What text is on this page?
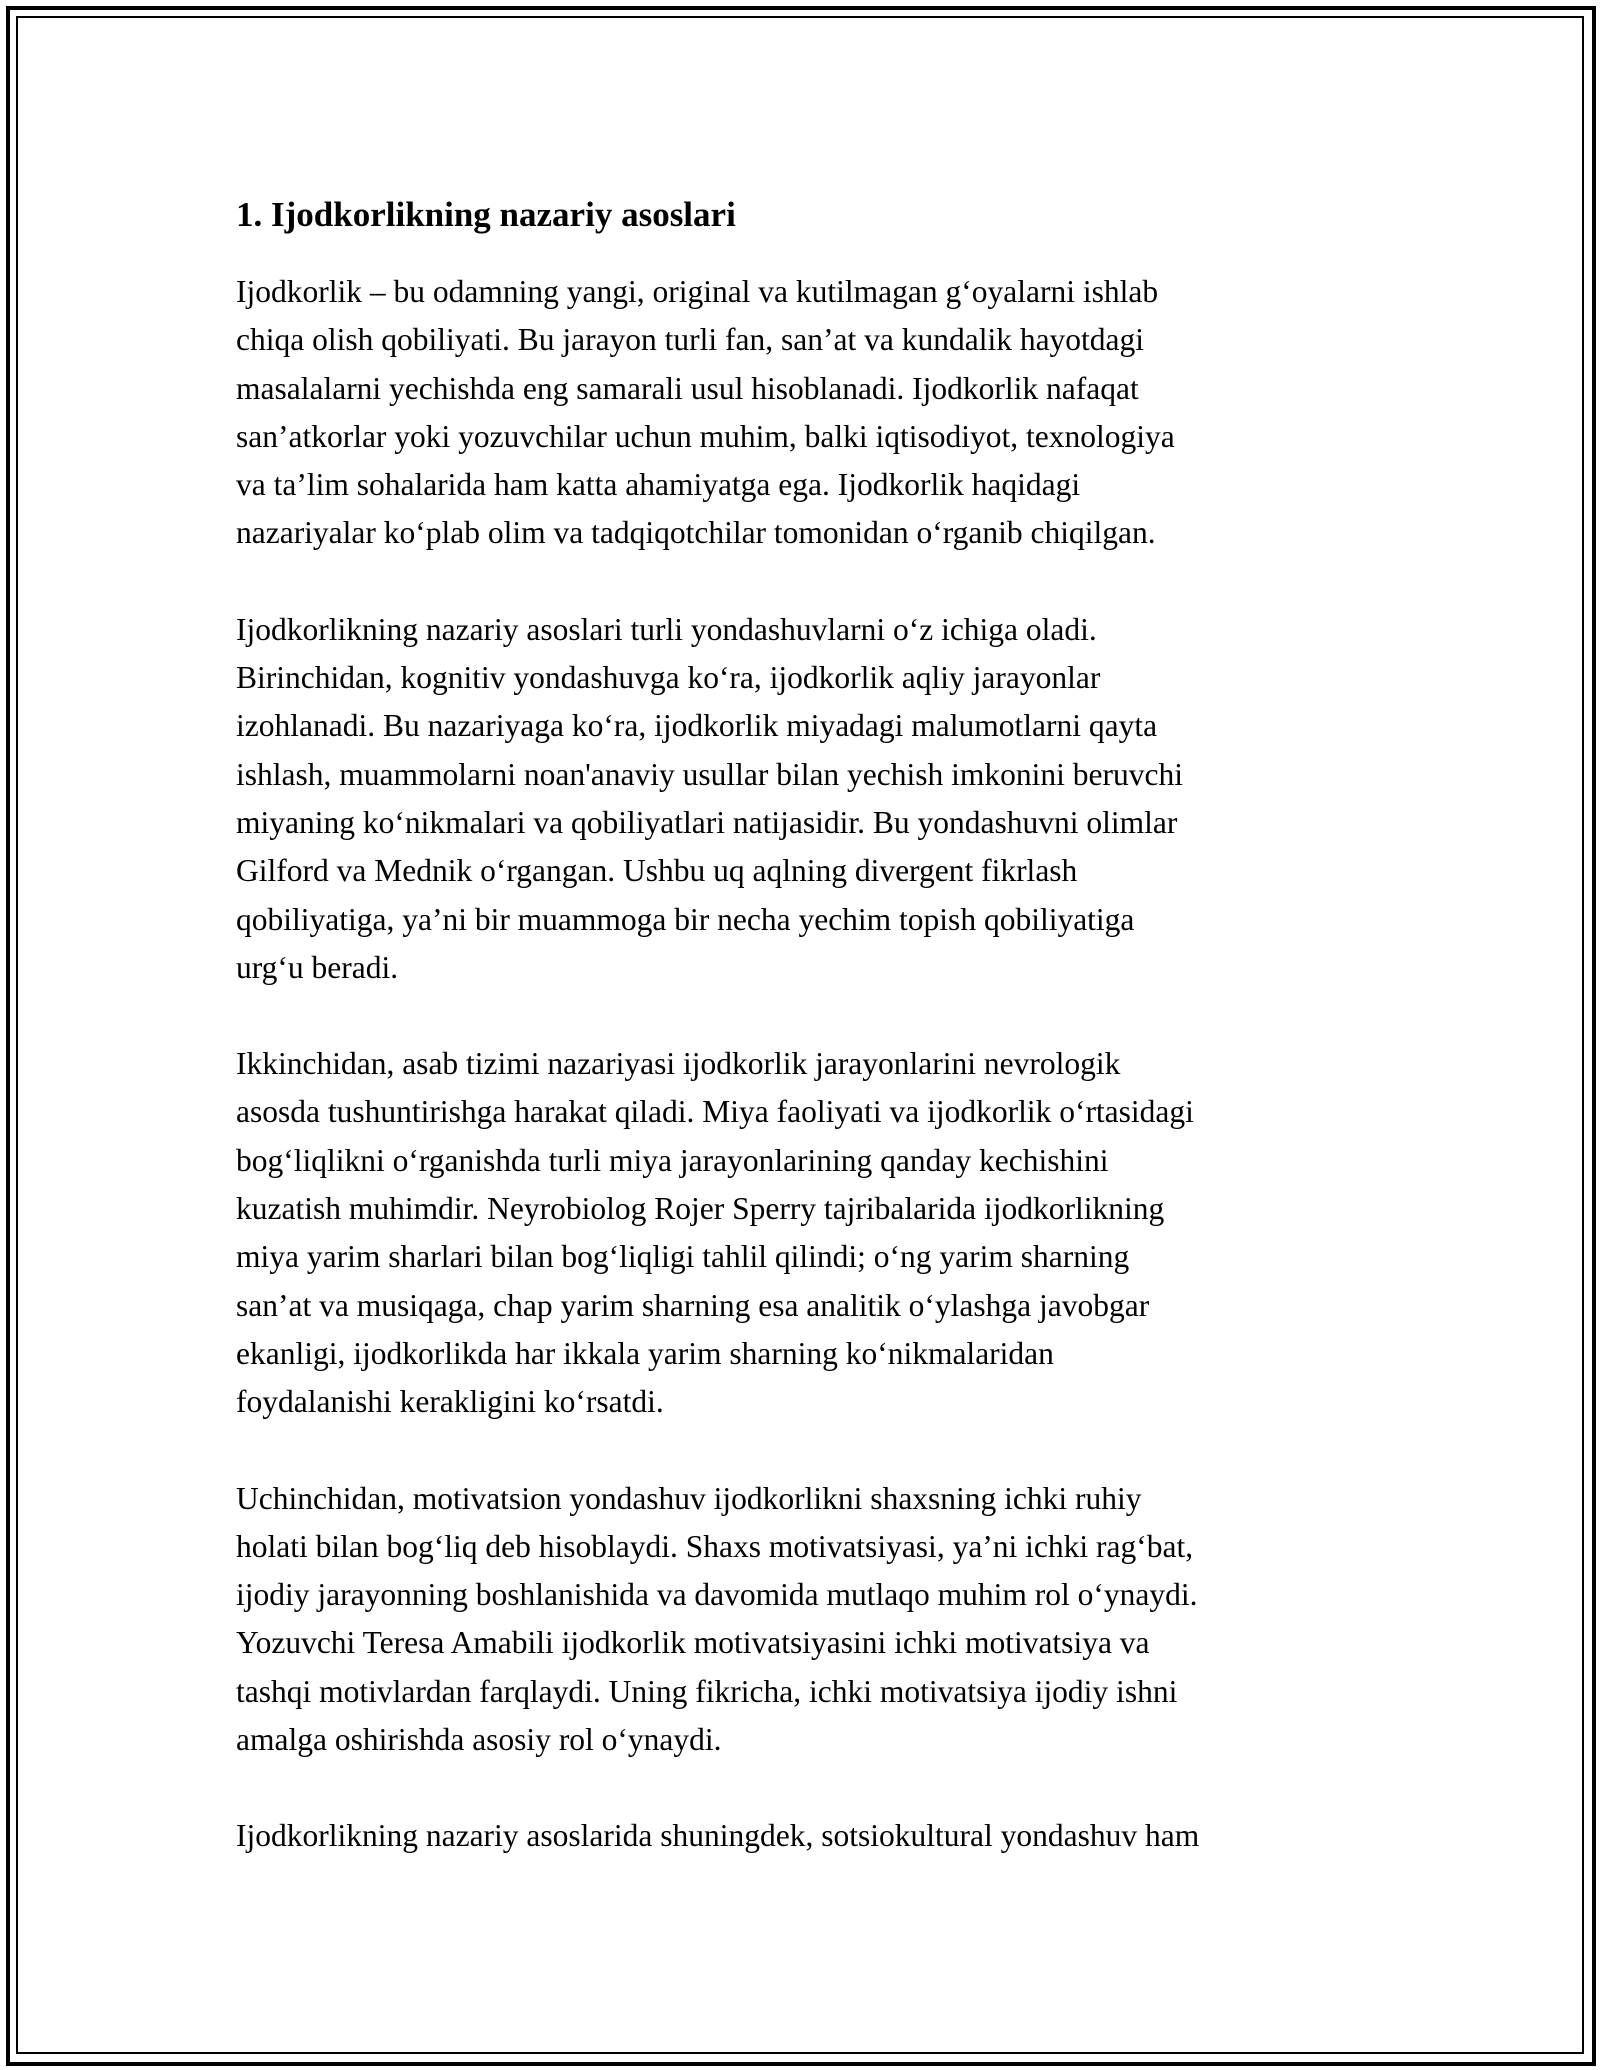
1. Ijodkorlikning nazariy asoslari

Ijodkorlik – bu odamning yangi, original va kutilmagan g‘oyalarni ishlab
chiqa olish qobiliyati. Bu jarayon turli fan, san’at va kundalik hayotdagi
masalalarni yechishda eng samarali usul hisoblanadi. Ijodkorlik nafaqat
san’atkorlar yoki yozuvchilar uchun muhim, balki iqtisodiyot, texnologiya
va ta’lim sohalarida ham katta ahamiyatga ega. Ijodkorlik haqidagi
nazariyalar ko‘plab olim va tadqiqotchilar tomonidan o‘rganib chiqilgan.

Ijodkorlikning nazariy asoslari turli yondashuvlarni o‘z ichiga oladi.
Birinchidan, kognitiv yondashuvga ko‘ra, ijodkorlik aqliy jarayonlar
izohlanadi. Bu nazariyaga ko‘ra, ijodkorlik miyadagi malumotlarni qayta
ishlash, muammolarni noan'anaviy usullar bilan yechish imkonini beruvchi
miyaning ko‘nikmalari va qobiliyatlari natijasidir. Bu yondashuvni olimlar
Gilford va Mednik o‘rgangan. Ushbu uq aqlning divergent fikrlash
qobiliyatiga, ya’ni bir muammoga bir necha yechim topish qobiliyatiga
urg‘u beradi.

Ikkinchidan, asab tizimi nazariyasi ijodkorlik jarayonlarini nevrologik
asosda tushuntirishga harakat qiladi. Miya faoliyati va ijodkorlik o‘rtasidagi
bog‘liqlikni o‘rganishda turli miya jarayonlarining qanday kechishini
kuzatish muhimdir. Neyrobiolog Rojer Sperry tajribalarida ijodkorlikning
miya yarim sharlari bilan bog‘liqligi tahlil qilindi; o‘ng yarim sharning
san’at va musiqaga, chap yarim sharning esa analitik o‘ylashga javobgar
ekanligi, ijodkorlikda har ikkala yarim sharning ko‘nikmalaridan
foydalanishi kerakligini ko‘rsatdi.

Uchinchidan, motivatsion yondashuv ijodkorlikni shaxsning ichki ruhiy
holati bilan bog‘liq deb hisoblaydi. Shaxs motivatsiyasi, ya’ni ichki rag‘bat,
ijodiy jarayonning boshlanishida va davomida mutlaqo muhim rol o‘ynaydi.
Yozuvchi Teresa Amabili ijodkorlik motivatsiyasini ichki motivatsiya va
tashqi motivlardan farqlaydi. Uning fikricha, ichki motivatsiya ijodiy ishni
amalga oshirishda asosiy rol o‘ynaydi.

Ijodkorlikning nazariy asoslarida shuningdek, sotsiokultural yondashuv ham
